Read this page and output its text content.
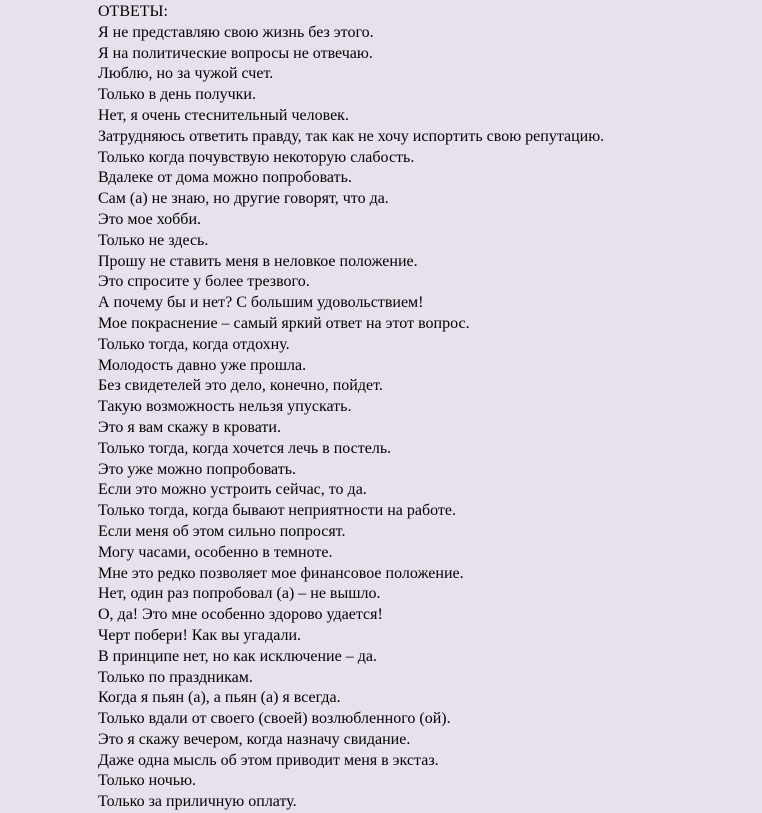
ОТВЕТЫ:
Я не представляю свою жизнь без этого.
Я на политические вопросы не отвечаю.
Люблю, но за чужой счет.
Только в день получки.
Нет, я очень стеснительный человек.
Затрудняюсь ответить правду, так как не хочу испортить свою репутацию.
Только когда почувствую некоторую слабость.
Вдалеке от дома можно попробовать.
Сам (а) не знаю, но другие говорят, что да.
Это мое хобби.
Только не здесь.
Прошу не ставить меня в неловкое положение.
Это спросите у более трезвого.
А почему бы и нет? С большим удовольствием!
Мое покраснение – самый яркий ответ на этот вопрос.
Только тогда, когда отдохну.
Молодость давно уже прошла.
Без свидетелей это дело, конечно, пойдет.
Такую возможность нельзя упускать.
Это я вам скажу в кровати.
Только тогда, когда хочется лечь в постель.
Это уже можно попробовать.
Если это можно устроить сейчас, то да.
Только тогда, когда бывают неприятности на работе.
Если меня об этом сильно попросят.
Могу часами, особенно в темноте.
Мне это редко позволяет мое финансовое положение.
Нет, один раз попробовал (а) – не вышло.
О, да! Это мне особенно здорово удается!
Черт побери! Как вы угадали.
В принципе нет, но как исключение – да.
Только по праздникам.
Когда я пьян (а), а пьян (а) я всегда.
Только вдали от своего (своей) возлюбленного (ой).
Это я скажу вечером, когда назначу свидание.
Даже одна мысль об этом приводит меня в экстаз.
Только ночью.
Только за приличную оплату.
